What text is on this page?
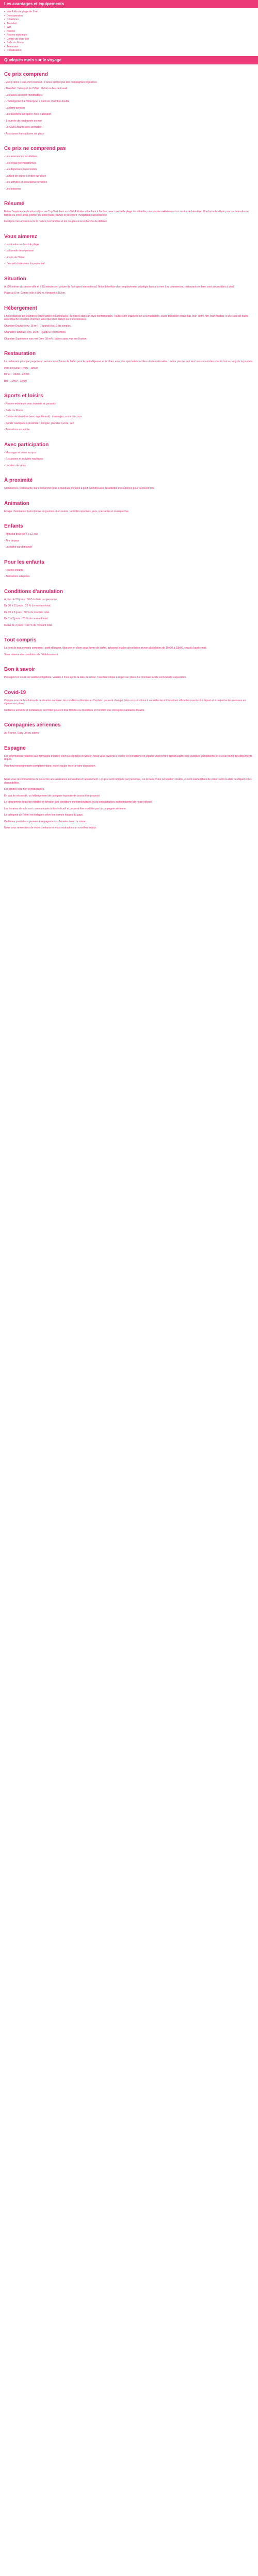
Les avantages et équipements
• Vue & Accès plage de 1 km.
• Demi-pension
• Chambres
• Transfert
• Wifi
• Piscine
• Piscine extérieure
• Centre de bien-être
• Salle de fitness
• Télévision
• Climatisation
Quelques mots sur le voyage
Ce prix comprend

- Vols France / Cap-Vert et retour / France opérés par des compagnies régulières

- Transfert: l'aéroport de l'hôtel ; l'hôtel au lieu de travail.

- Les taxes aéroport (modifiables)

- L'hébergement à l'hôtel pour 7 nuits en chambre double

- La demi-pension

- Les transferts aéroport / hôtel / aéroport

- 1 journée de randonnée en mer

- Le Club Enfants avec animation

- Assistance francophone sur place

Ce prix ne comprend pas

- Les assurances facultatives

- Les repas non mentionnés

- Les dépenses personnelles

- La taxe de séjour à régler sur place

- Les activités et excursions payantes

- Les boissons

Résumé

Faites l'expérience de votre séjour au Cap-Vert dans un hôtel 4 étoiles situé face à l'océan, avec une belle plage de sable fin, une piscine extérieure et un centre de bien-être. Une formule idéale pour se détendre en famille ou entre amis, profiter du soleil toute l'année et découvrir l'hospitalité capverdienne.

Idéal pour les amoureux de la nature, les familles et les couples à la recherche de détente.

Vous aimerez

- La situation en bord de plage

- La formule demi-pension

- Le spa de l'hôtel

- L'accueil chaleureux du personnel

Situation

À 500 mètres du centre-ville et à 15 minutes en voiture de l'aéroport international, l'hôtel bénéficie d'un emplacement privilégié face à la mer. Les commerces, restaurants et bars sont accessibles à pied.

Plage à 50 m. Centre-ville à 500 m. Aéroport à 15 km.

Hébergement

L'hôtel dispose de chambres confortables et lumineuses, décorées dans un style contemporain. Toutes sont équipées de la climatisation, d'une télévision écran plat, d'un coffre-fort, d'un minibar, d'une salle de bains avec douche et sèche-cheveux, ainsi que d'un balcon ou d'une terrasse.

Chambre Double (env. 25 m²) : 1 grand lit ou 2 lits simples.

Chambre Familiale (env. 35 m²) : jusqu'à 4 personnes.

Chambre Supérieure vue mer (env. 30 m²) : balcon avec vue sur l'océan.

Restauration

Le restaurant principal propose un service sous forme de buffet pour le petit-déjeuner et le dîner, avec des spécialités locales et internationales. Un bar piscine sert des boissons et des snacks tout au long de la journée.

Petit-déjeuner : 7h00 - 10h00

Dîner : 19h00 - 22h00

Bar : 10h00 - 23h00

Sports et loisirs

- Piscine extérieure avec transats et parasols

- Salle de fitness

- Centre de bien-être (avec supplément) : massages, soins du corps

- Sports nautiques à proximité : plongée, planche à voile, surf

- Animations en soirée

Avec participation

- Massages et soins au spa

- Excursions et activités nautiques

- Location de vélos

À proximité

Commerces, restaurants, bars et marché local à quelques minutes à pied. Nombreuses possibilités d'excursions pour découvrir l'île.

Animation

Équipe d'animation francophone en journée et en soirée : activités sportives, jeux, spectacles et musique live.

Enfants

- Miniclub pour les 4 à 12 ans

- Aire de jeux

- Lits bébé sur demande

Pour les enfants

- Piscine enfants

- Animations adaptées

Conditions d'annulation

À plus de 30 jours : 50 € de frais par personne.

De 30 à 21 jours : 25 % du montant total.

De 20 à 8 jours : 50 % du montant total.

De 7 à 2 jours : 75 % du montant total.

Moins de 2 jours : 100 % du montant total.

Tout compris

La formule tout compris comprend : petit-déjeuner, déjeuner et dîner sous forme de buffet, boissons locales alcoolisées et non alcoolisées de 10h00 à 23h00, snacks l'après-midi.

Sous réserve des conditions de l'établissement.

Bon à savoir

Passeport en cours de validité obligatoire, valable 6 mois après la date de retour. Taxe touristique à régler sur place. La monnaie locale est l'escudo capverdien.

Covid-19

Compte tenu de l'évolution de la situation sanitaire, les conditions d'entrée au Cap-Vert peuvent changer. Nous vous invitons à consulter les informations officielles avant votre départ et à respecter les mesures en vigueur sur place.

Certaines activités et installations de l'hôtel peuvent être limitées ou modifiées en fonction des consignes sanitaires locales.

Compagnies aériennes

Air France, Easy Jet ou autres

Espagne

Les informations relatives aux formalités d'entrée sont susceptibles d'évoluer. Nous vous invitons à vérifier les conditions en vigueur avant votre départ auprès des autorités compétentes et à vous munir des documents requis.

Pour tout renseignement complémentaire, notre équipe reste à votre disposition.

Nous vous recommandons de souscrire une assurance annulation et rapatriement. Les prix sont indiqués par personne, sur la base d'une occupation double, et sont susceptibles de varier selon la date de départ et les disponibilités.

Les photos sont non contractuelles.

En cas de nécessité, un hébergement de catégorie équivalente pourra être proposé.

Le programme peut être modifié en fonction des conditions météorologiques ou de circonstances indépendantes de notre volonté.

Les horaires de vols sont communiqués à titre indicatif et peuvent être modifiés par la compagnie aérienne.

La catégorie de l'hôtel est indiquée selon les normes locales du pays.

Certaines prestations peuvent être payantes ou fermées selon la saison.

Nous vous remercions de votre confiance et vous souhaitons un excellent séjour.
